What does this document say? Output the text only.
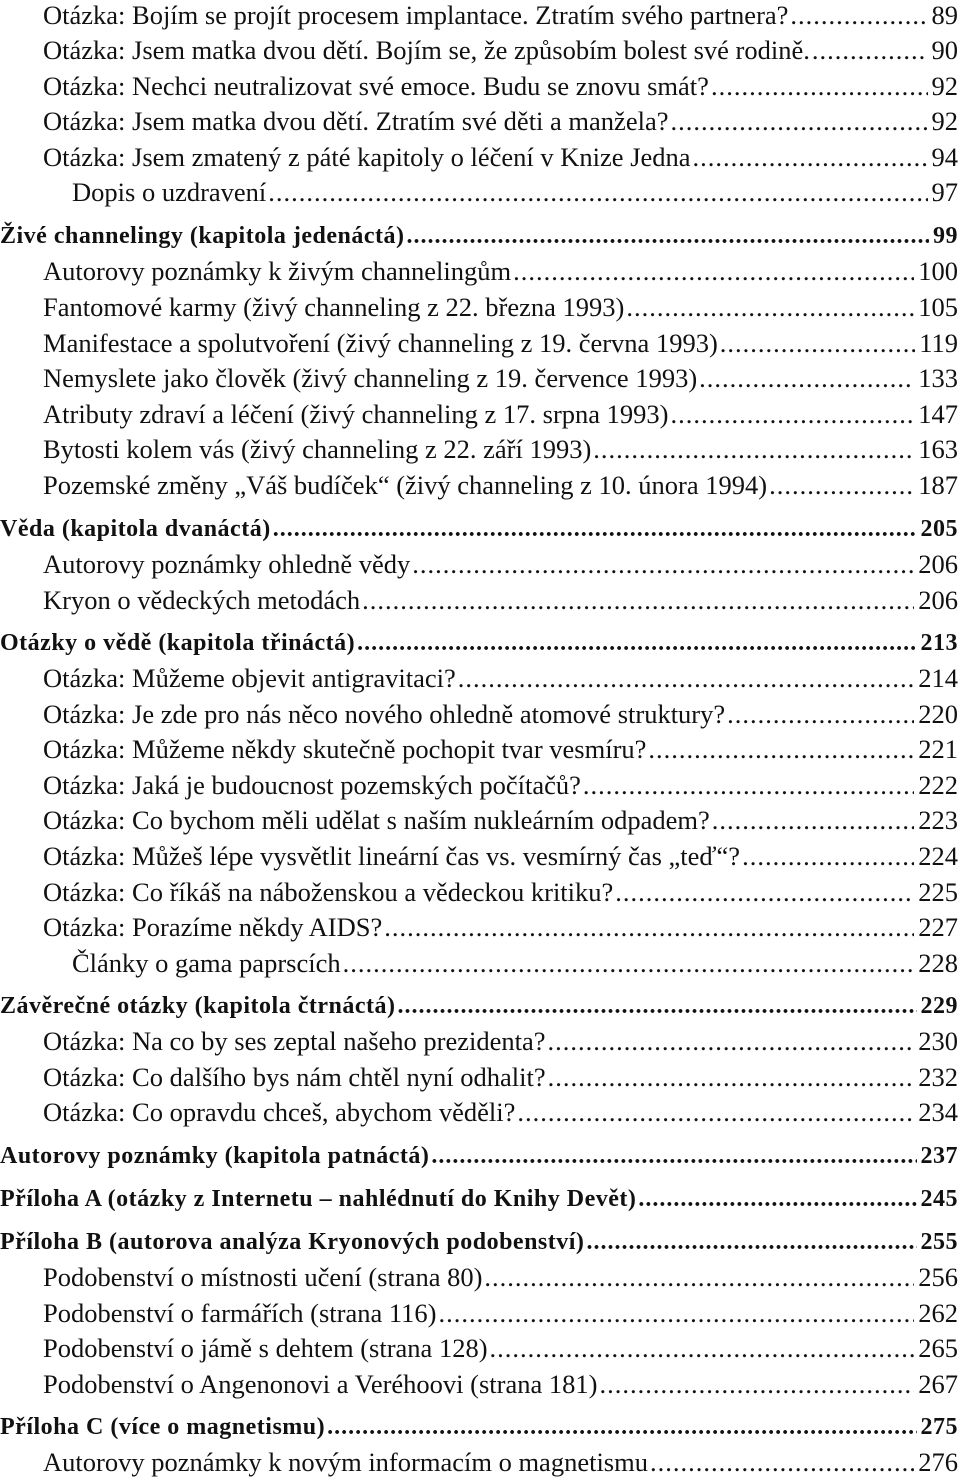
Otázka: Bojím se projít procesem implantace. Ztratím svého partnera? .....	89
Otázka: Jsem matka dvou dětí. Bojím se, že způsobím bolest své rodině. .....	90
Otázka: Nechci neutralizovat své emoce. Budu se znovu smát? .....	92
Otázka: Jsem matka dvou dětí. Ztratím své děti a manžela? .....	92
Otázka: Jsem zmatený z páté kapitoly o léčení v Knize Jedna .....	94
Dopis o uzdravení .....	97
Živé channelingy (kapitola jedenáctá) .....	99
Autorovy poznámky k živým channelingům .....	100
Fantomové karmy (živý channeling z 22. března 1993) .....	105
Manifestace a spolutvoření (živý channeling z 19. června 1993) .....	119
Nemyslete jako člověk (živý channeling z 19. července 1993) .....	133
Atributy zdraví a léčení (živý channeling z 17. srpna 1993) .....	147
Bytosti kolem vás (živý channeling z 22. září 1993) .....	163
Pozemské změny „Váš budíček“ (živý channeling z 10. února 1994) .....	187
Věda (kapitola dvanáctá) .....	205
Autorovy poznámky ohledně vědy .....	206
Kryon o vědeckých metodách .....	206
Otázky o vědě (kapitola třináctá) .....	213
Otázka: Můžeme objevit antigravitaci? .....	214
Otázka: Je zde pro nás něco nového ohledně atomové struktury? .....	220
Otázka: Můžeme někdy skutečně pochopit tvar vesmíru? .....	221
Otázka: Jaká je budoucnost pozemských počítačů? .....	222
Otázka: Co bychom měli udělat s naším nukleárním odpadem? .....	223
Otázka: Můžeš lépe vysvětlit lineární čas vs. vesmírný čas „teď“? .....	224
Otázka: Co říkáš na náboženskou a vědeckou kritiku? .....	225
Otázka: Porazíme někdy AIDS? .....	227
Články o gama paprscích .....	228
Závěrečné otázky (kapitola čtrnáctá) .....	229
Otázka: Na co by ses zeptal našeho prezidenta? .....	230
Otázka: Co dalšího bys nám chtěl nyní odhalit? .....	232
Otázka: Co opravdu chceš, abychom věděli? .....	234
Autorovy poznámky (kapitola patnáctá) .....	237
Příloha A (otázky z Internetu – nahlédnutí do Knihy Devět) .....	245
Příloha B (autorova analýza Kryonových podobenství) .....	255
Podobenství o místnosti učení (strana 80) .....	256
Podobenství o farmářích (strana 116) .....	262
Podobenství o jámě s dehtem (strana 128) .....	265
Podobenství o Angenonovi a Veréhoovi (strana 181) .....	267
Příloha C (více o magnetismu) .....	275
Autorovy poznámky k novým informacím o magnetismu .....	276
